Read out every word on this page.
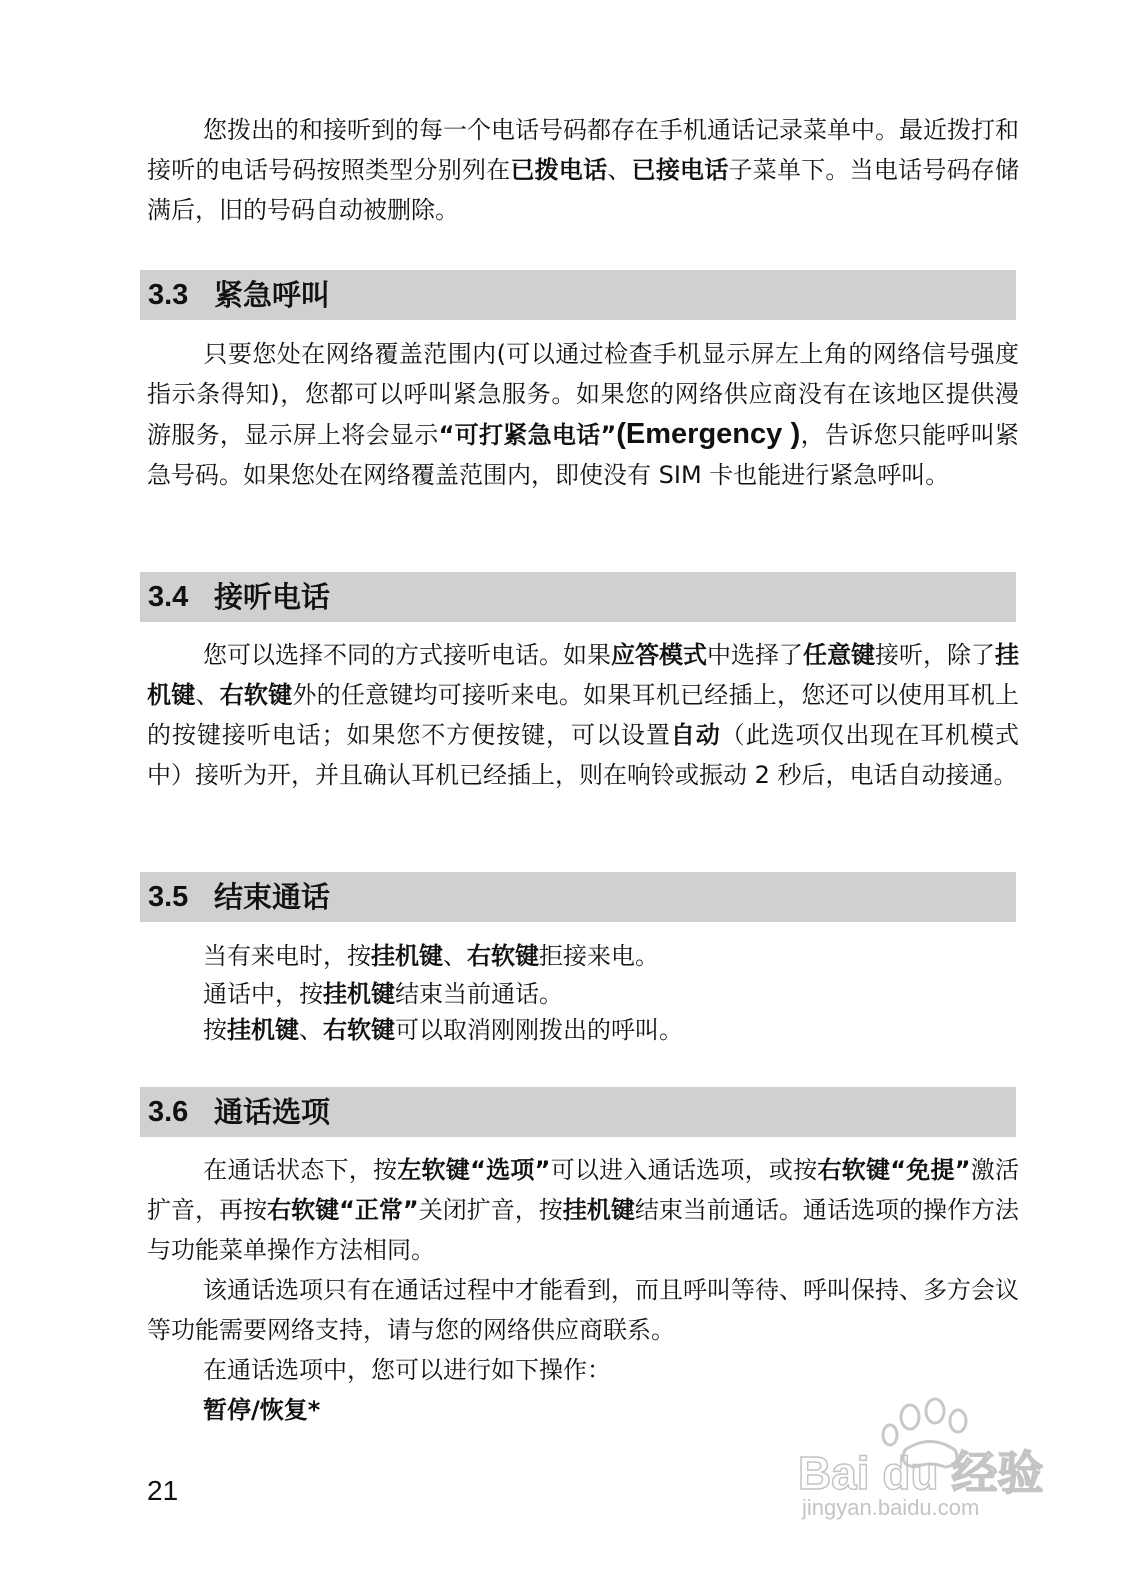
您拨出的和接听到的每一个电话号码都存在手机通话记录菜单中。最近拨打和接听的电话号码按照类型分别列在已拨电话、已接电话子菜单下。当电话号码存储满后，旧的号码自动被删除。
3.3 紧急呼叫
只要您处在网络覆盖范围内(可以通过检查手机显示屏左上角的网络信号强度指示条得知)，您都可以呼叫紧急服务。如果您的网络供应商没有在该地区提供漫游服务，显示屏上将会显示“可打紧急电话”(Emergency )，告诉您只能呼叫紧急号码。如果您处在网络覆盖范围内，即使没有 SIM 卡也能进行紧急呼叫。
3.4 接听电话
您可以选择不同的方式接听电话。如果应答模式中选择了任意键接听，除了挂机键、右软键外的任意键均可接听来电。如果耳机已经插上，您还可以使用耳机上的按键接听电话；如果您不方便按键，可以设置自动（此选项仅出现在耳机模式中）接听为开，并且确认耳机已经插上，则在响铃或振动 2 秒后，电话自动接通。
3.5 结束通话
当有来电时，按挂机键、右软键拒接来电。
通话中，按挂机键结束当前通话。
按挂机键、右软键可以取消刚刚拨出的呼叫。
3.6 通话选项
在通话状态下，按左软键“选项”可以进入通话选项，或按右软键“免提”激活扩音，再按右软键“正常”关闭扩音，按挂机键结束当前通话。通话选项的操作方法与功能菜单操作方法相同。
该通话选项只有在通话过程中才能看到，而且呼叫等待、呼叫保持、多方会议等功能需要网络支持，请与您的网络供应商联系。
在通话选项中，您可以进行如下操作：
暂停/恢复*
21	Bai du 经验
jingyan.baidu.com
